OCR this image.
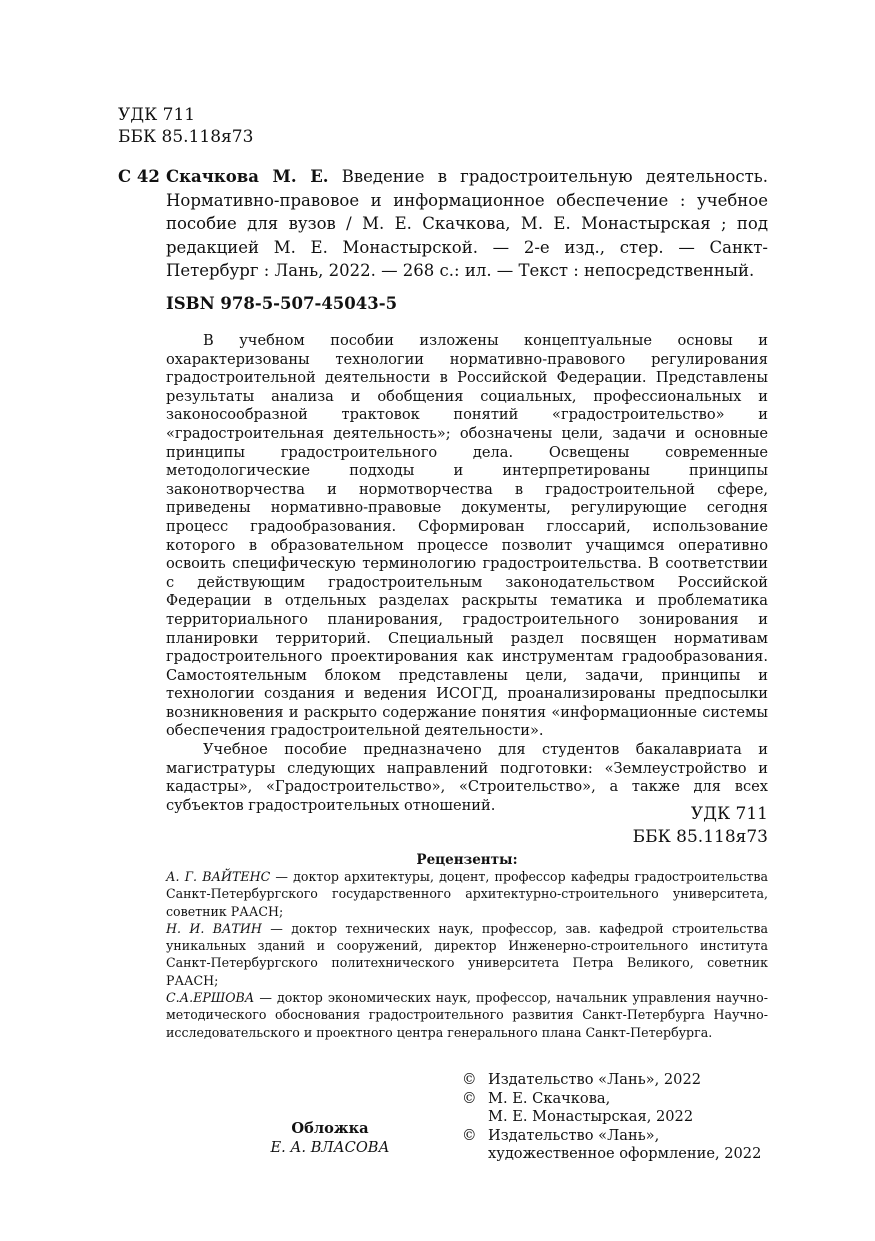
УДК 711
ББК 85.118я73
С 42 Скачкова М. Е. Введение в градостроительную деятельность. Нормативно-правовое и информационное обеспечение : учебное пособие для вузов / М. Е. Скачкова, М. Е. Монастырская ; под редакцией М. Е. Монастырской. — 2-е изд., стер. — Санкт-Петербург : Лань, 2022. — 268 с.: ил. — Текст : непосредственный.

ISBN 978-5-507-45043-5

В учебном пособии изложены концептуальные основы и охарактеризованы технологии нормативно-правового регулирования градостроительной деятельности в Российской Федерации. Представлены результаты анализа и обобщения социальных, профессиональных и законосообразной трактовок понятий «градостроительство» и «градостроительная деятельность»; обозначены цели, задачи и основные принципы градостроительного дела. Освещены современные методологические подходы и интерпретированы принципы законотворчества и нормотворчества в градостроительной сфере, приведены нормативно-правовые документы, регулирующие сегодня процесс градообразования. Сформирован глоссарий, использование которого в образовательном процессе позволит учащимся оперативно освоить специфическую терминологию градостроительства. В соответствии с действующим градостроительным законодательством Российской Федерации в отдельных разделах раскрыты тематика и проблематика территориального планирования, градостроительного зонирования и планировки территорий. Специальный раздел посвящен нормативам градостроительного проектирования как инструментам градообразования. Самостоятельным блоком представлены цели, задачи, принципы и технологии создания и ведения ИСОГД, проанализированы предпосылки возникновения и раскрыто содержание понятия «информационные системы обеспечения градостроительной деятельности».

Учебное пособие предназначено для студентов бакалавриата и магистратуры следующих направлений подготовки: «Землеустройство и кадастры», «Градостроительство», «Строительство», а также для всех субъектов градостроительных отношений.	УДК 711
ББК 85.118я73
Рецензенты:

А. Г. ВАЙТЕНС — доктор архитектуры, доцент, профессор кафедры градостроительства Санкт-Петербургского государственного архитектурно-строительного университета, советник РААСН;

Н. И. ВАТИН — доктор технических наук, профессор, зав. кафедрой строительства уникальных зданий и сооружений, директор Инженерно-строительного института Санкт-Петербургского политехнического университета Петра Великого, советник РААСН;

С.А.ЕРШОВА — доктор экономических наук, профессор, начальник управления научно-методического обоснования градостроительного развития Санкт-Петербурга Научно-исследовательского и проектного центра генерального плана Санкт-Петербурга.

© Издательство «Лань», 2022
© М. Е. Скачкова,
М. Е. Монастырская, 2022
© Издательство «Лань»,
художественное оформление, 2022
Обложка
Е. А. ВЛАСОВА
